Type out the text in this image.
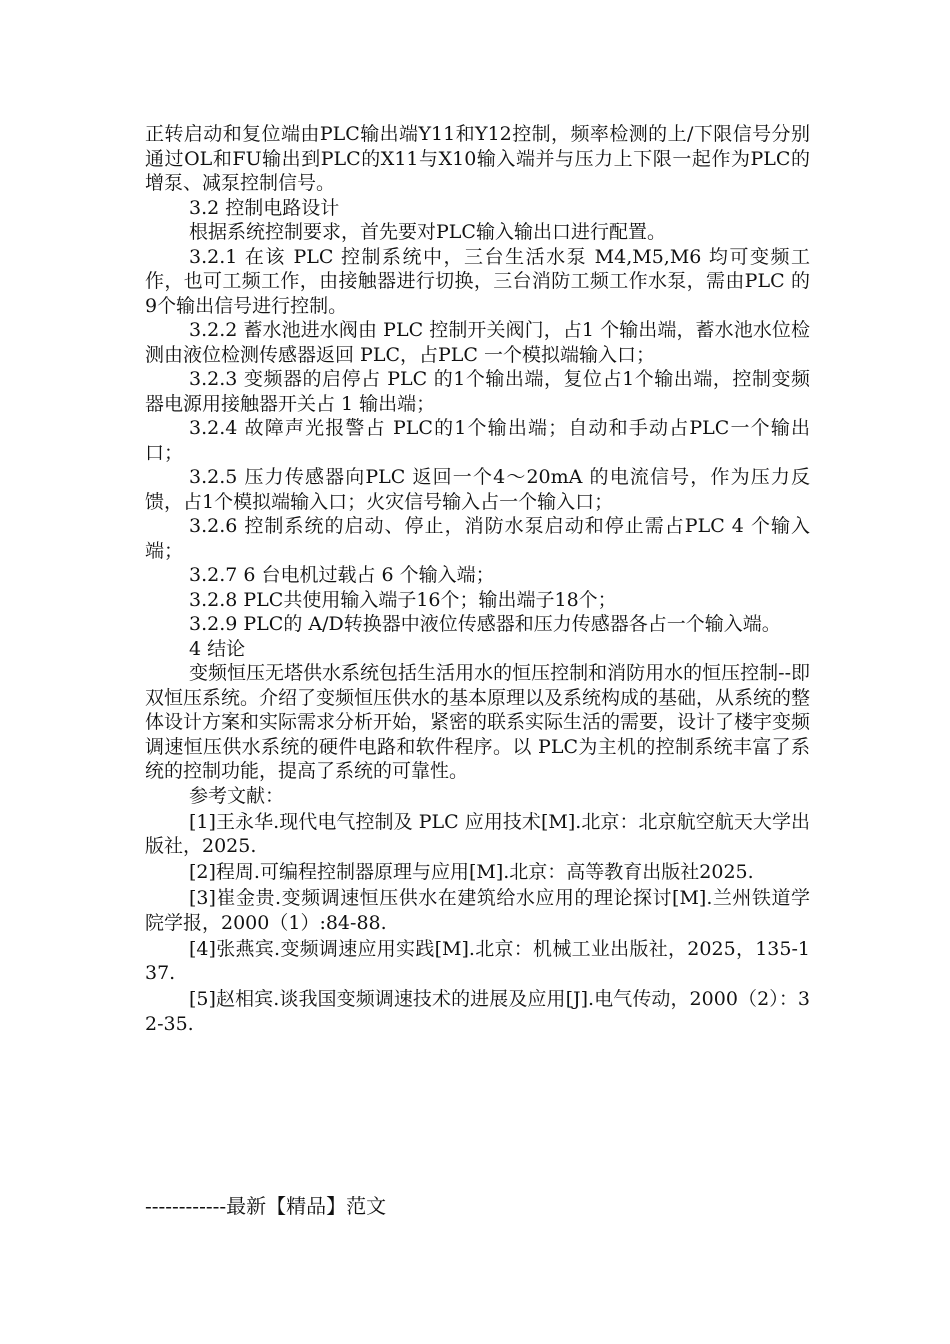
正转启动和复位端由PLC输出端Y11和Y12控制，频率检测的上/下限信号分别通过OL和FU输出到PLC的X11与X10输入端并与压力上下限一起作为PLC的增泵、减泵控制信号。

3.2 控制电路设计

根据系统控制要求，首先要对PLC输入输出口进行配置。

3.2.1 在该 PLC 控制系统中，三台生活水泵 M4,M5,M6 均可变频工作，也可工频工作，由接触器进行切换，三台消防工频工作水泵，需由PLC 的9个输出信号进行控制。

3.2.2 蓄水池进水阀由 PLC 控制开关阀门，占1 个输出端，蓄水池水位检测由液位检测传感器返回 PLC，占PLC 一个模拟端输入口；

3.2.3 变频器的启停占 PLC 的1个输出端，复位占1个输出端，控制变频器电源用接触器开关占 1 输出端；

3.2.4 故障声光报警占 PLC的1个输出端；自动和手动占PLC一个输出口；

3.2.5 压力传感器向PLC 返回一个4～20mA 的电流信号，作为压力反馈，占1个模拟端输入口；火灾信号输入占一个输入口；

3.2.6 控制系统的启动、停止，消防水泵启动和停止需占PLC 4 个输入端；

3.2.7 6 台电机过载占 6 个输入端；

3.2.8 PLC共使用输入端子16个；输出端子18个；

3.2.9 PLC的 A/D转换器中液位传感器和压力传感器各占一个输入端。

4 结论

变频恒压无塔供水系统包括生活用水的恒压控制和消防用水的恒压控制--即双恒压系统。介绍了变频恒压供水的基本原理以及系统构成的基础，从系统的整体设计方案和实际需求分析开始，紧密的联系实际生活的需要，设计了楼宇变频调速恒压供水系统的硬件电路和软件程序。以 PLC为主机的控制系统丰富了系统的控制功能，提高了系统的可靠性。

参考文献：

[1]王永华.现代电气控制及 PLC 应用技术[M].北京：北京航空航天大学出版社，2025.

[2]程周.可编程控制器原理与应用[M].北京：高等教育出版社2025.

[3]崔金贵.变频调速恒压供水在建筑给水应用的理论探讨[M].兰州铁道学院学报，2000（1）:84-88.

[4]张燕宾.变频调速应用实践[M].北京：机械工业出版社，2025，135-137.

[5]赵相宾.谈我国变频调速技术的进展及应用[J].电气传动，2000（2）：32-35.

------------最新【精品】范文
